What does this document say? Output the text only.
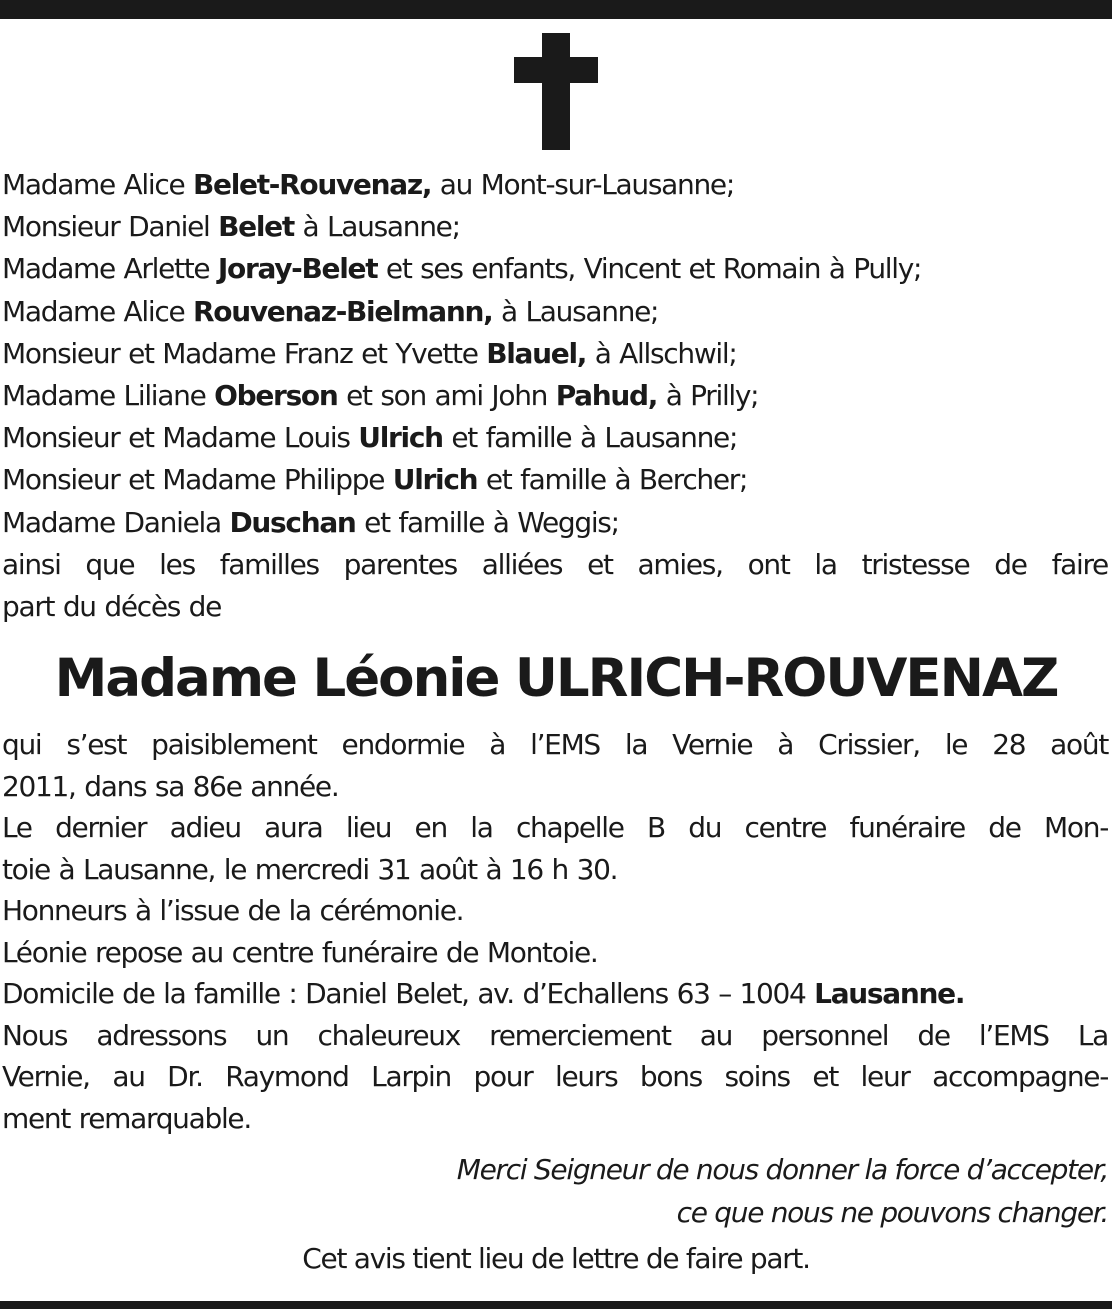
Madame Alice Belet-Rouvenaz, au Mont-sur-Lausanne;
Monsieur Daniel Belet à Lausanne;
Madame Arlette Joray-Belet et ses enfants, Vincent et Romain à Pully;
Madame Alice Rouvenaz-Bielmann, à Lausanne;
Monsieur et Madame Franz et Yvette Blauel, à Allschwil;
Madame Liliane Oberson et son ami John Pahud, à Prilly;
Monsieur et Madame Louis Ulrich et famille à Lausanne;
Monsieur et Madame Philippe Ulrich et famille à Bercher;
Madame Daniela Duschan et famille à Weggis;
ainsi que les familles parentes alliées et amies, ont la tristesse de faire
part du décès de
Madame Léonie ULRICH-ROUVENAZ
qui s’est paisiblement endormie à l’EMS la Vernie à Crissier, le 28 août
2011, dans sa 86e année.
Le dernier adieu aura lieu en la chapelle B du centre funéraire de Mon-
toie à Lausanne, le mercredi 31 août à 16 h 30.
Honneurs à l’issue de la cérémonie.
Léonie repose au centre funéraire de Montoie.
Domicile de la famille : Daniel Belet, av. d’Echallens 63 – 1004 Lausanne.
Nous adressons un chaleureux remerciement au personnel de l’EMS La
Vernie, au Dr. Raymond Larpin pour leurs bons soins et leur accompagne-
ment remarquable.
Merci Seigneur de nous donner la force d’accepter,
ce que nous ne pouvons changer.
Cet avis tient lieu de lettre de faire part.
